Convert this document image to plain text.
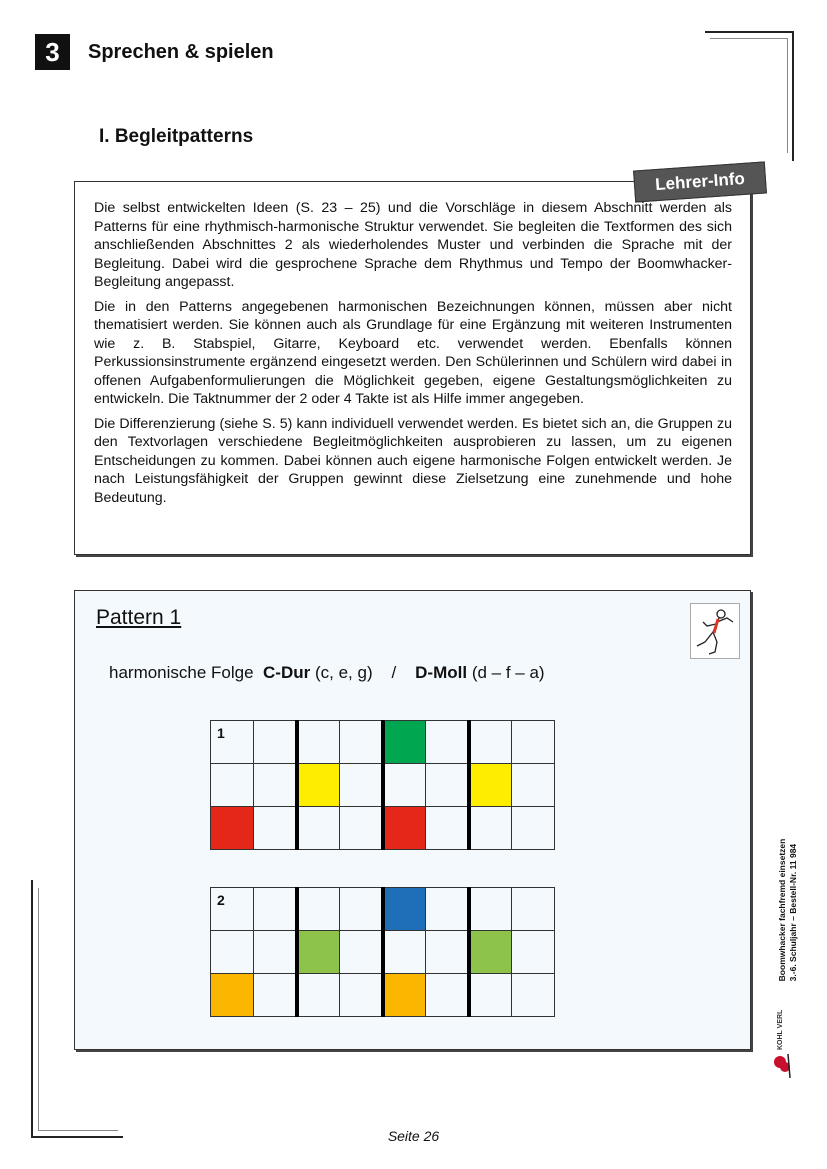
3	Sprechen & spielen
I. Begleitpatterns
Lehrer-Info

Die selbst entwickelten Ideen (S. 23 – 25) und die Vorschläge in diesem Abschnitt werden als Patterns für eine rhythmisch-harmonische Struktur verwendet. Sie begleiten die Textformen des sich anschließenden Abschnittes 2 als wiederholendes Muster und verbinden die Sprache mit der Begleitung. Dabei wird die gesprochene Sprache dem Rhythmus und Tempo der Boomwhacker-Begleitung angepasst.

Die in den Patterns angegebenen harmonischen Bezeichnungen können, müssen aber nicht thematisiert werden. Sie können auch als Grundlage für eine Ergänzung mit weiteren Instrumenten wie z. B. Stabspiel, Gitarre, Keyboard etc. verwendet werden. Ebenfalls können Perkussionsinstrumente ergänzend eingesetzt werden. Den Schülerinnen und Schülern wird dabei in offenen Aufgabenformulierungen die Möglichkeit gegeben, eigene Gestaltungsmöglichkeiten zu entwickeln. Die Taktnummer der 2 oder 4 Takte ist als Hilfe immer angegeben.

Die Differenzierung (siehe S. 5) kann individuell verwendet werden. Es bietet sich an, die Gruppen zu den Textvorlagen verschiedene Begleitmöglichkeiten ausprobieren zu lassen, um zu eigenen Entscheidungen zu kommen. Dabei können auch eigene harmonische Folgen entwickelt werden. Je nach Leistungsfähigkeit der Gruppen gewinnt diese Zielsetzung eine zunehmende und hohe Bedeutung.

Pattern 1
harmonische Folge C-Dur (c, e, g) / D-Moll (d – f – a)
1							

2							

								Boomwhacker fachfremd einsetzen 3.-6. Schuljahr – Bestell-Nr. 11 984
KOHL VERLAG
Seite 26
